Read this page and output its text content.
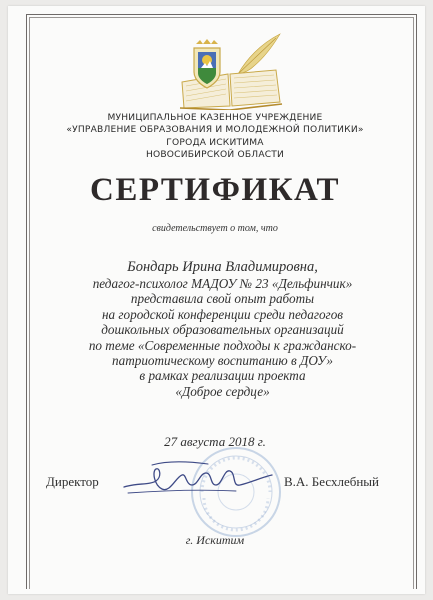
МУНИЦИПАЛЬНОЕ КАЗЕННОЕ УЧРЕЖДЕНИЕ
«УПРАВЛЕНИЕ ОБРАЗОВАНИЯ И МОЛОДЕЖНОЙ ПОЛИТИКИ»
ГОРОДА ИСКИТИМА
НОВОСИБИРСКОЙ ОБЛАСТИ
СЕРТИФИКАТ
свидетельствует о том, что
Бондарь Ирина Владимировна,
педагог-психолог МАДОУ № 23 «Дельфинчик»
представила свой опыт работы
на городской конференции среди педагогов
дошкольных образовательных организаций
по теме «Современные подходы к гражданско-
патриотическому воспитанию в ДОУ»
в рамках реализации проекта
«Доброе сердце»
27 августа 2018 г.
Директор	В.А. Бесхлебный
г. Искитим
